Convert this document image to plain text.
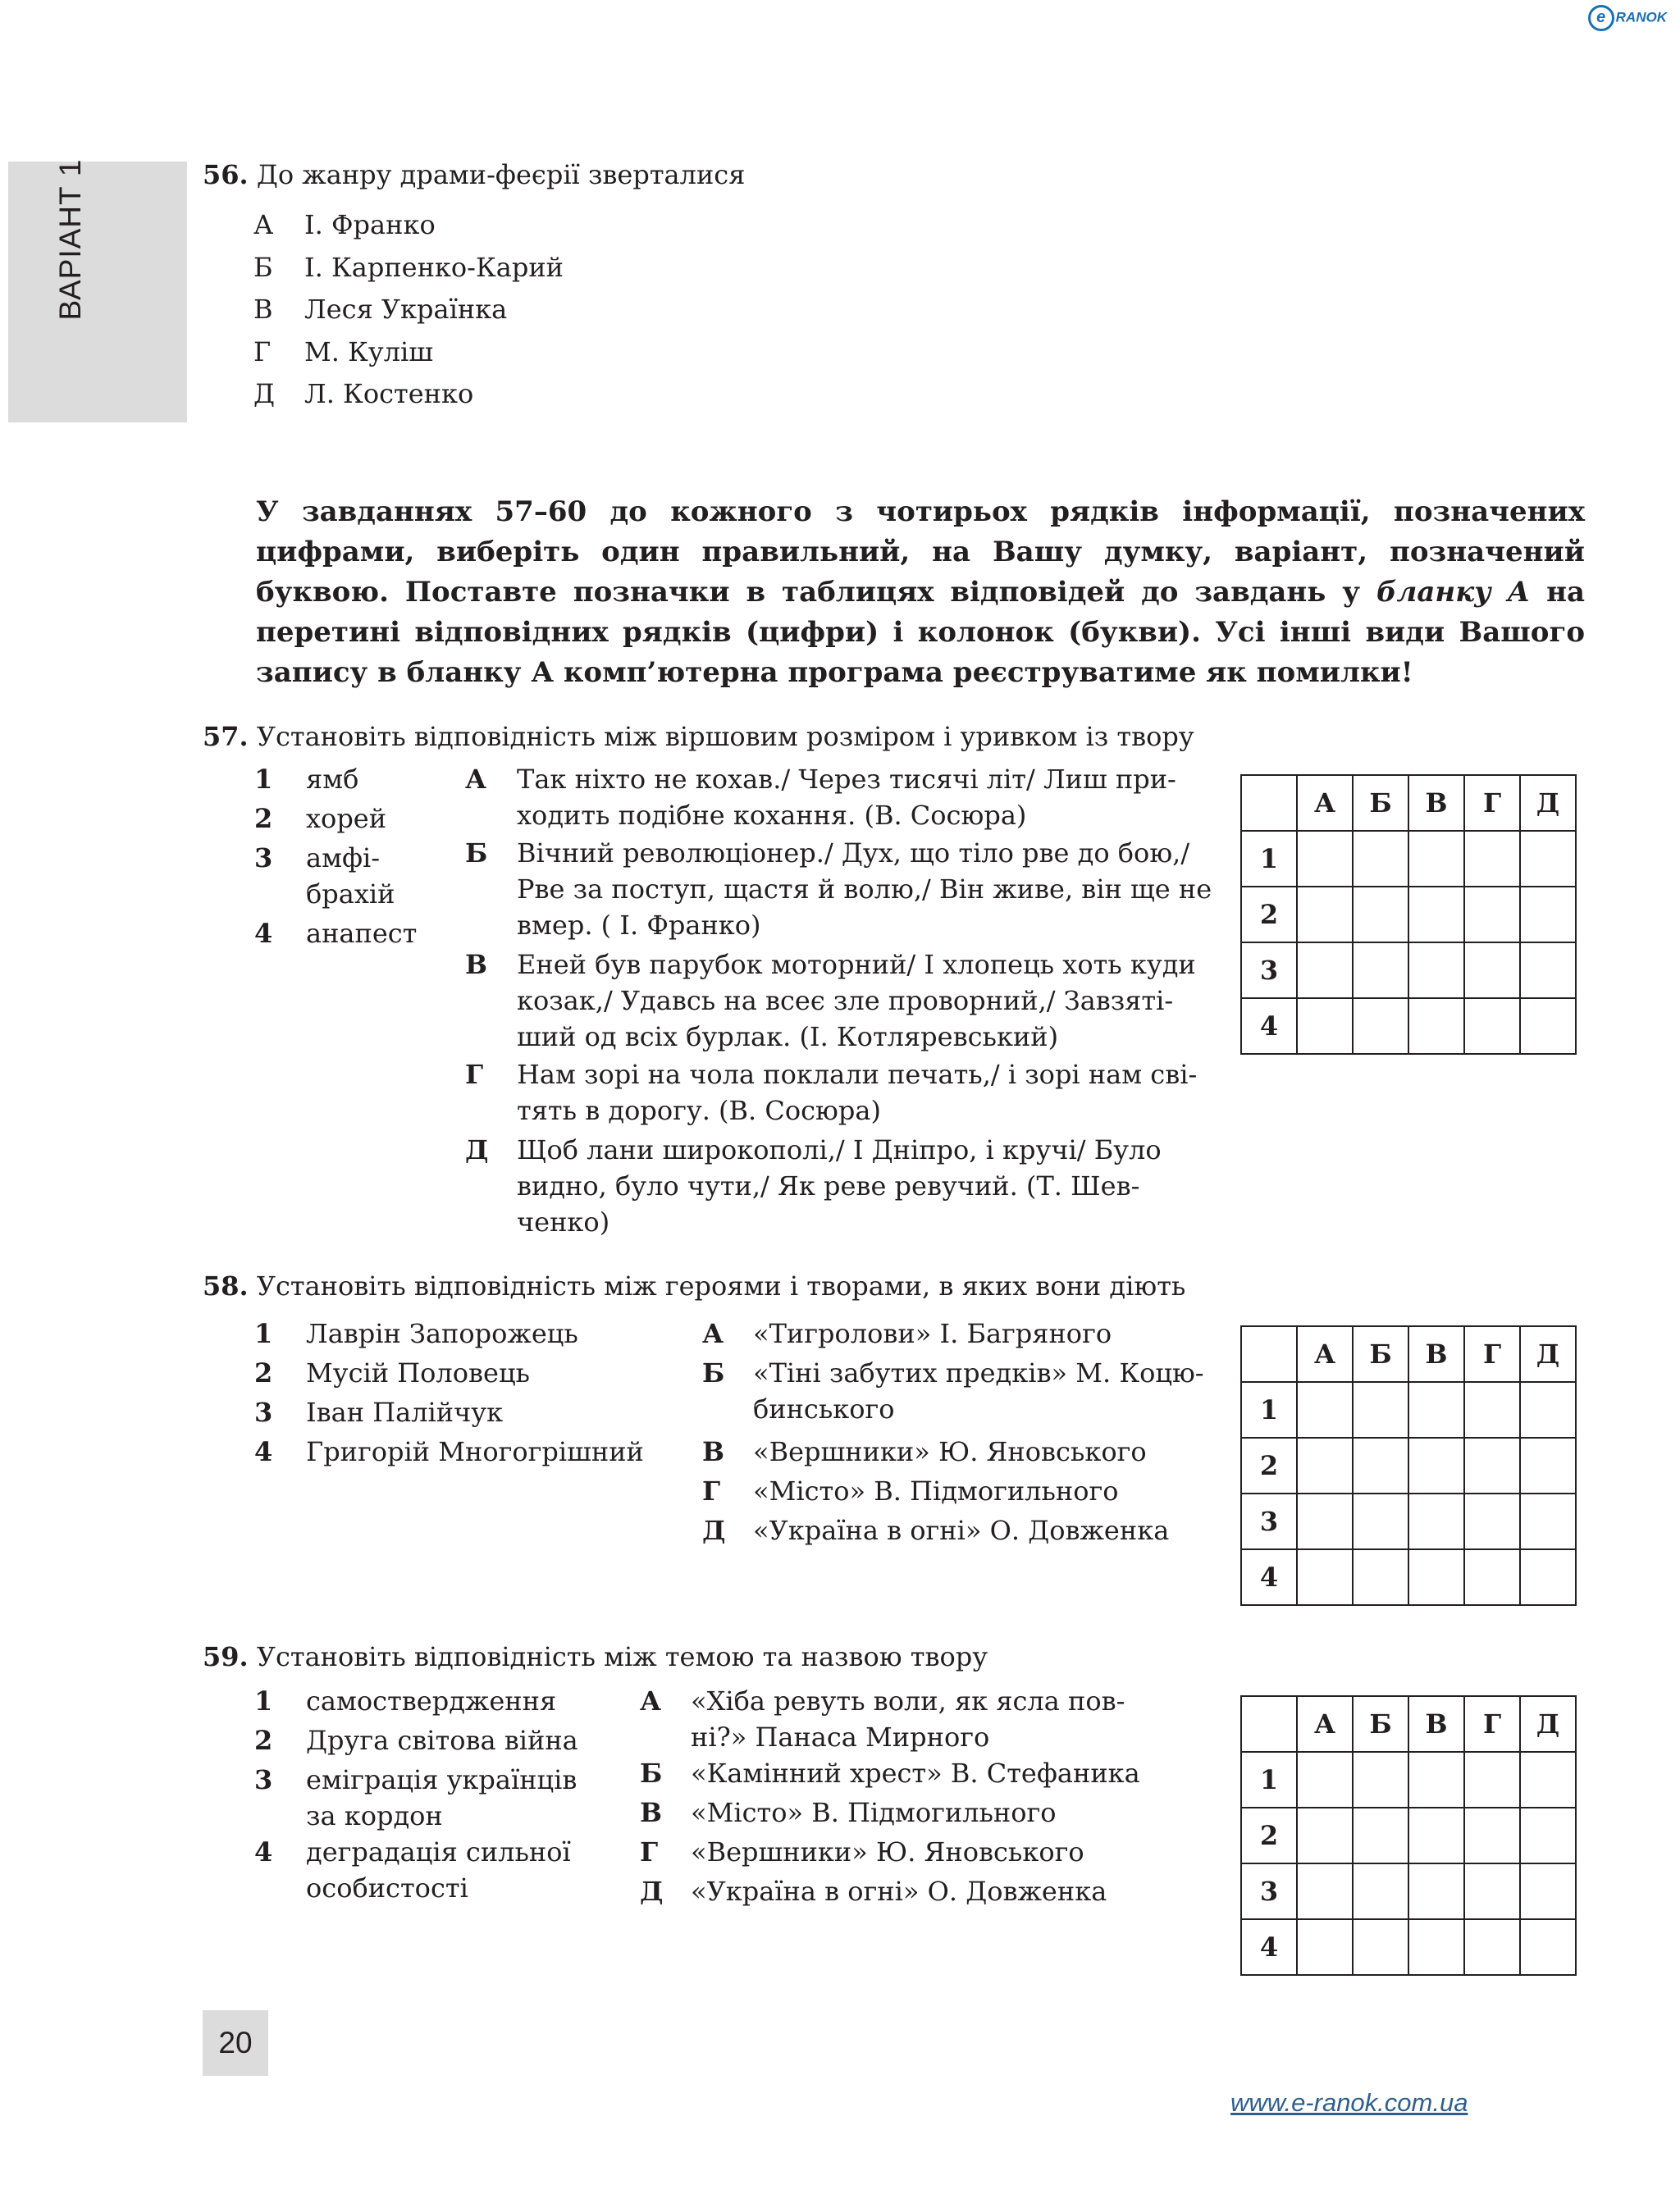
e RANOK
ВАРІАНТ 1	56. До жанру драми-феєрії зверталися
А І. Франко
Б І. Карпенко-Карий
В Леся Українка
Г М. Куліш
Д Л. Костенко
У завданнях 57–60 до кожного з чотирьох рядків інформації, позначених цифрами, виберіть один правильний, на Вашу думку, варіант, позначений буквою. Поставте позначки в таблицях відповідей до завдань у бланку А на перетині відповідних рядків (цифри) і колонок (букви). Усі інші види Вашого запису в бланку А комп’ютерна програма реєструватиме як помилки!
57. Установіть відповідність між віршовим розміром і уривком із твору
1 ямб
2 хорей
3 амфі-
брахій
4 анапест
А Так ніхто не кохав./ Через тисячі літ/ Лиш при-
ходить подібне кохання. (В. Сосюра)
Б Вічний революціонер./ Дух, що тіло рве до бою,/
Рве за поступ, щастя й волю,/ Він живе, він ще не
вмер. ( І. Франко)
В Еней був парубок моторний/ І хлопець хоть куди
козак,/ Удавсь на всеє зле проворний,/ Завзяті-
ший од всіх бурлак. (І. Котляревський)
Г Нам зорі на чола поклали печать,/ і зорі нам сві-
тять в дорогу. (В. Сосюра)
Д Щоб лани широкополі,/ І Дніпро, і кручі/ Було
видно, було чути,/ Як реве ревучий. (Т. Шев-
ченко)
	А	Б	В	Г	Д
1					
2					
3					
4					
58. Установіть відповідність між героями і творами, в яких вони діють
1 Лаврін Запорожець
2 Мусій Половець
3 Іван Палійчук
4 Григорій Многогрішний
А «Тигролови» І. Багряного
Б «Тіні забутих предків» М. Коцю-
бинського
В «Вершники» Ю. Яновського
Г «Місто» В. Підмогильного
Д «Україна в огні» О. Довженка
	А	Б	В	Г	Д
1					
2					
3					
4					
59. Установіть відповідність між темою та назвою твору
1 самоствердження
2 Друга світова війна
3 еміграція українців
за кордон
4 деградація сильної
особистості
А «Хіба ревуть воли, як ясла пов-
ні?» Панаса Мирного
Б «Камінний хрест» В. Стефаника
В «Місто» В. Підмогильного
Г «Вершники» Ю. Яновського
Д «Україна в огні» О. Довженка
	А	Б	В	Г	Д
1					
2					
3					
4					
20
www.e-ranok.com.ua
